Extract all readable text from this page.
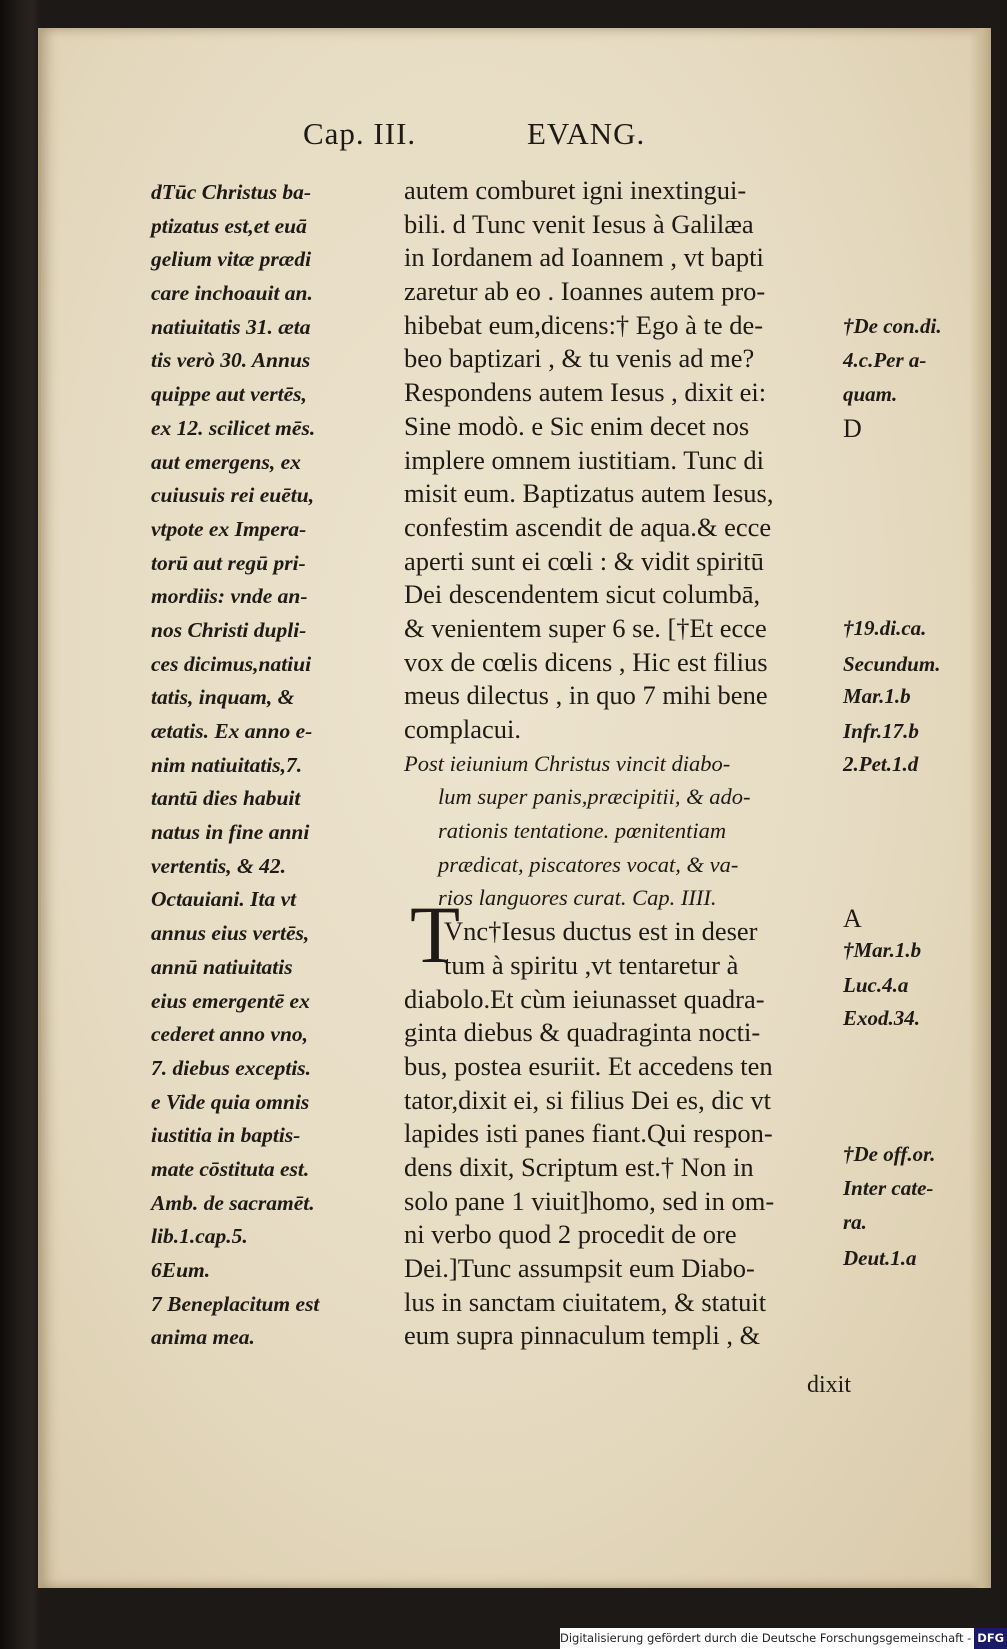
Cap. III.	EVANG.
dTūc Christus ba-
ptizatus est,et euā
gelium vitæ prædi
care inchoauit an.
natiuitatis 31. æta
tis verò 30. Annus
quippe aut vertēs,
ex 12. scilicet mēs.
aut emergens, ex
cuiusuis rei euētu,
vtpote ex Impera-
torū aut regū pri-
mordiis: vnde an-
nos Christi dupli-
ces dicimus,natiui
tatis, inquam, &
ætatis. Ex anno e-
nim natiuitatis,7.
tantū dies habuit
natus in fine anni
vertentis, & 42.
Octauiani. Ita vt
annus eius vertēs,
annū natiuitatis
eius emergentē ex
cederet anno vno,
7. diebus exceptis.
e Vide quia omnis
iustitia in baptis-
mate cōstituta est.
Amb. de sacramēt.
lib.1.cap.5.
6Eum.
7 Beneplacitum est
anima mea.
autem comburet igni inextingui-
bili. d Tunc venit Iesus à Galilæa
in Iordanem ad Ioannem , vt bapti
zaretur ab eo . Ioannes autem pro-
hibebat eum,dicens:† Ego à te de-
beo baptizari , & tu venis ad me?
Respondens autem Iesus , dixit ei:
Sine modò. e Sic enim decet nos
implere omnem iustitiam. Tunc di
misit eum. Baptizatus autem Iesus,
confestim ascendit de aqua.& ecce
aperti sunt ei cœli : & vidit spiritū
Dei descendentem sicut columbā,
& venientem super 6 se. [†Et ecce
vox de cœlis dicens , Hic est filius
meus dilectus , in quo 7 mihi bene
complacui.
Post ieiunium Christus vincit diabo-
lum super panis,præcipitii, & ado-
rationis tentatione. pœnitentiam
prædicat, piscatores vocat, & va-
rios languores curat. Cap. IIII.
T
Vnc†Iesus ductus est in deser
tum à spiritu ,vt tentaretur à
diabolo.Et cùm ieiunasset quadra-
ginta diebus & quadraginta nocti-
bus, postea esuriit. Et accedens ten
tator,dixit ei, si filius Dei es, dic vt
lapides isti panes fiant.Qui respon-
dens dixit, Scriptum est.† Non in
solo pane 1 viuit]homo, sed in om-
ni verbo quod 2 procedit de ore
Dei.]Tunc assumpsit eum Diabo-
lus in sanctam ciuitatem, & statuit
eum supra pinnaculum templi , &
†De con.di.
4.c.Per a-
quam.
D
†19.di.ca.
Secundum.
Mar.1.b
Infr.17.b
2.Pet.1.d
A
†Mar.1.b
Luc.4.a
Exod.34.
†De off.or.
Inter cate-
ra.
Deut.1.a
dixit
Digitalisierung gefördert durch die Deutsche Forschungsgemeinschaft - DFG
